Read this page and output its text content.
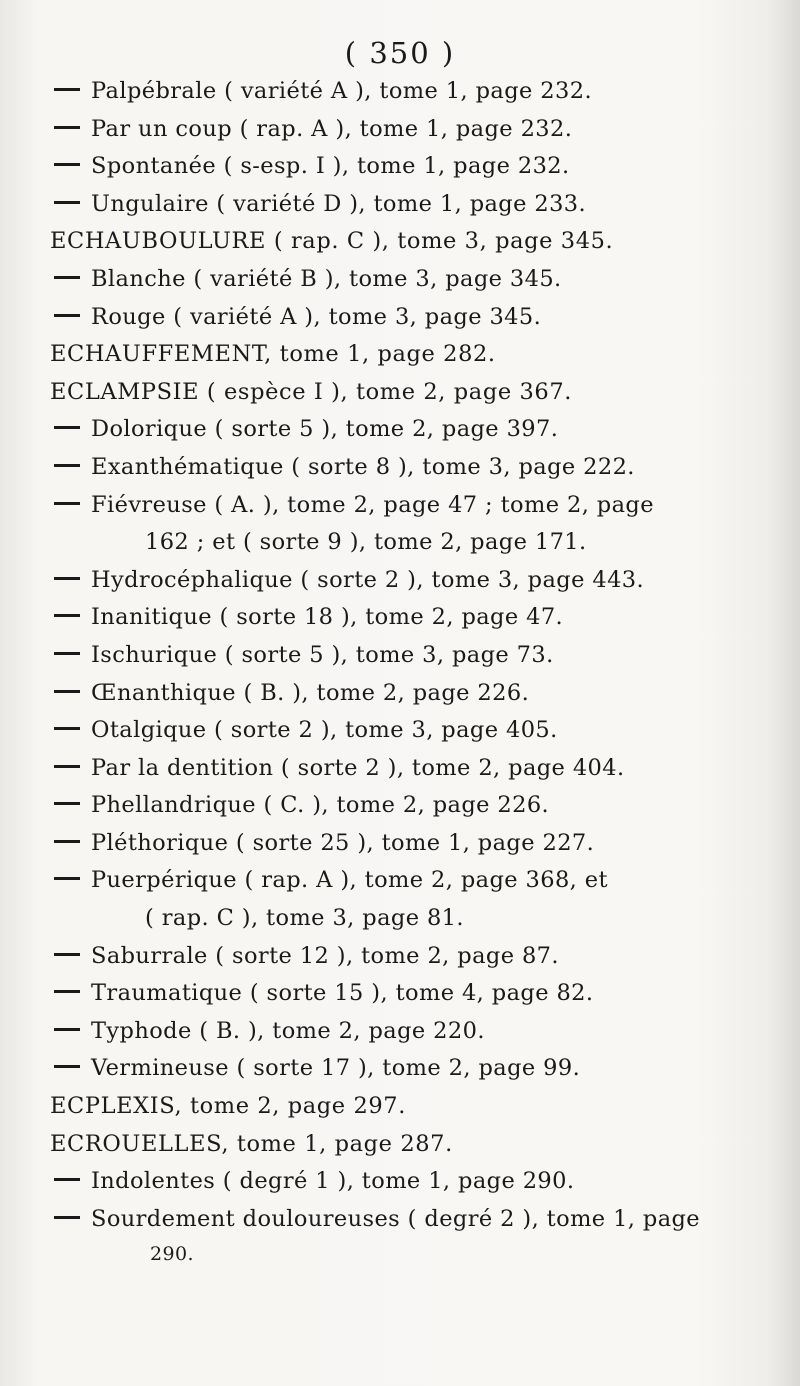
( 350 )
Palpébrale ( variété A ), tome 1, page 232.
Par un coup ( rap. A ), tome 1, page 232.
Spontanée ( s-esp. I ), tome 1, page 232.
Ungulaire ( variété D ), tome 1, page 233.
ECHAUBOULURE ( rap. C ), tome 3, page 345.
Blanche ( variété B ), tome 3, page 345.
Rouge ( variété A ), tome 3, page 345.
ECHAUFFEMENT, tome 1, page 282.
ECLAMPSIE ( espèce I ), tome 2, page 367.
Dolorique ( sorte 5 ), tome 2, page 397.
Exanthématique ( sorte 8 ), tome 3, page 222.
Fiévreuse ( A. ), tome 2, page 47 ; tome 2, page
162 ; et ( sorte 9 ), tome 2, page 171.
Hydrocéphalique ( sorte 2 ), tome 3, page 443.
Inanitique ( sorte 18 ), tome 2, page 47.
Ischurique ( sorte 5 ), tome 3, page 73.
Œnanthique ( B. ), tome 2, page 226.
Otalgique ( sorte 2 ), tome 3, page 405.
Par la dentition ( sorte 2 ), tome 2, page 404.
Phellandrique ( C. ), tome 2, page 226.
Pléthorique ( sorte 25 ), tome 1, page 227.
Puerpérique ( rap. A ), tome 2, page 368, et
( rap. C ), tome 3, page 81.
Saburrale ( sorte 12 ), tome 2, page 87.
Traumatique ( sorte 15 ), tome 4, page 82.
Typhode ( B. ), tome 2, page 220.
Vermineuse ( sorte 17 ), tome 2, page 99.
ECPLEXIS, tome 2, page 297.
ECROUELLES, tome 1, page 287.
Indolentes ( degré 1 ), tome 1, page 290.
Sourdement douloureuses ( degré 2 ), tome 1, page
290.
